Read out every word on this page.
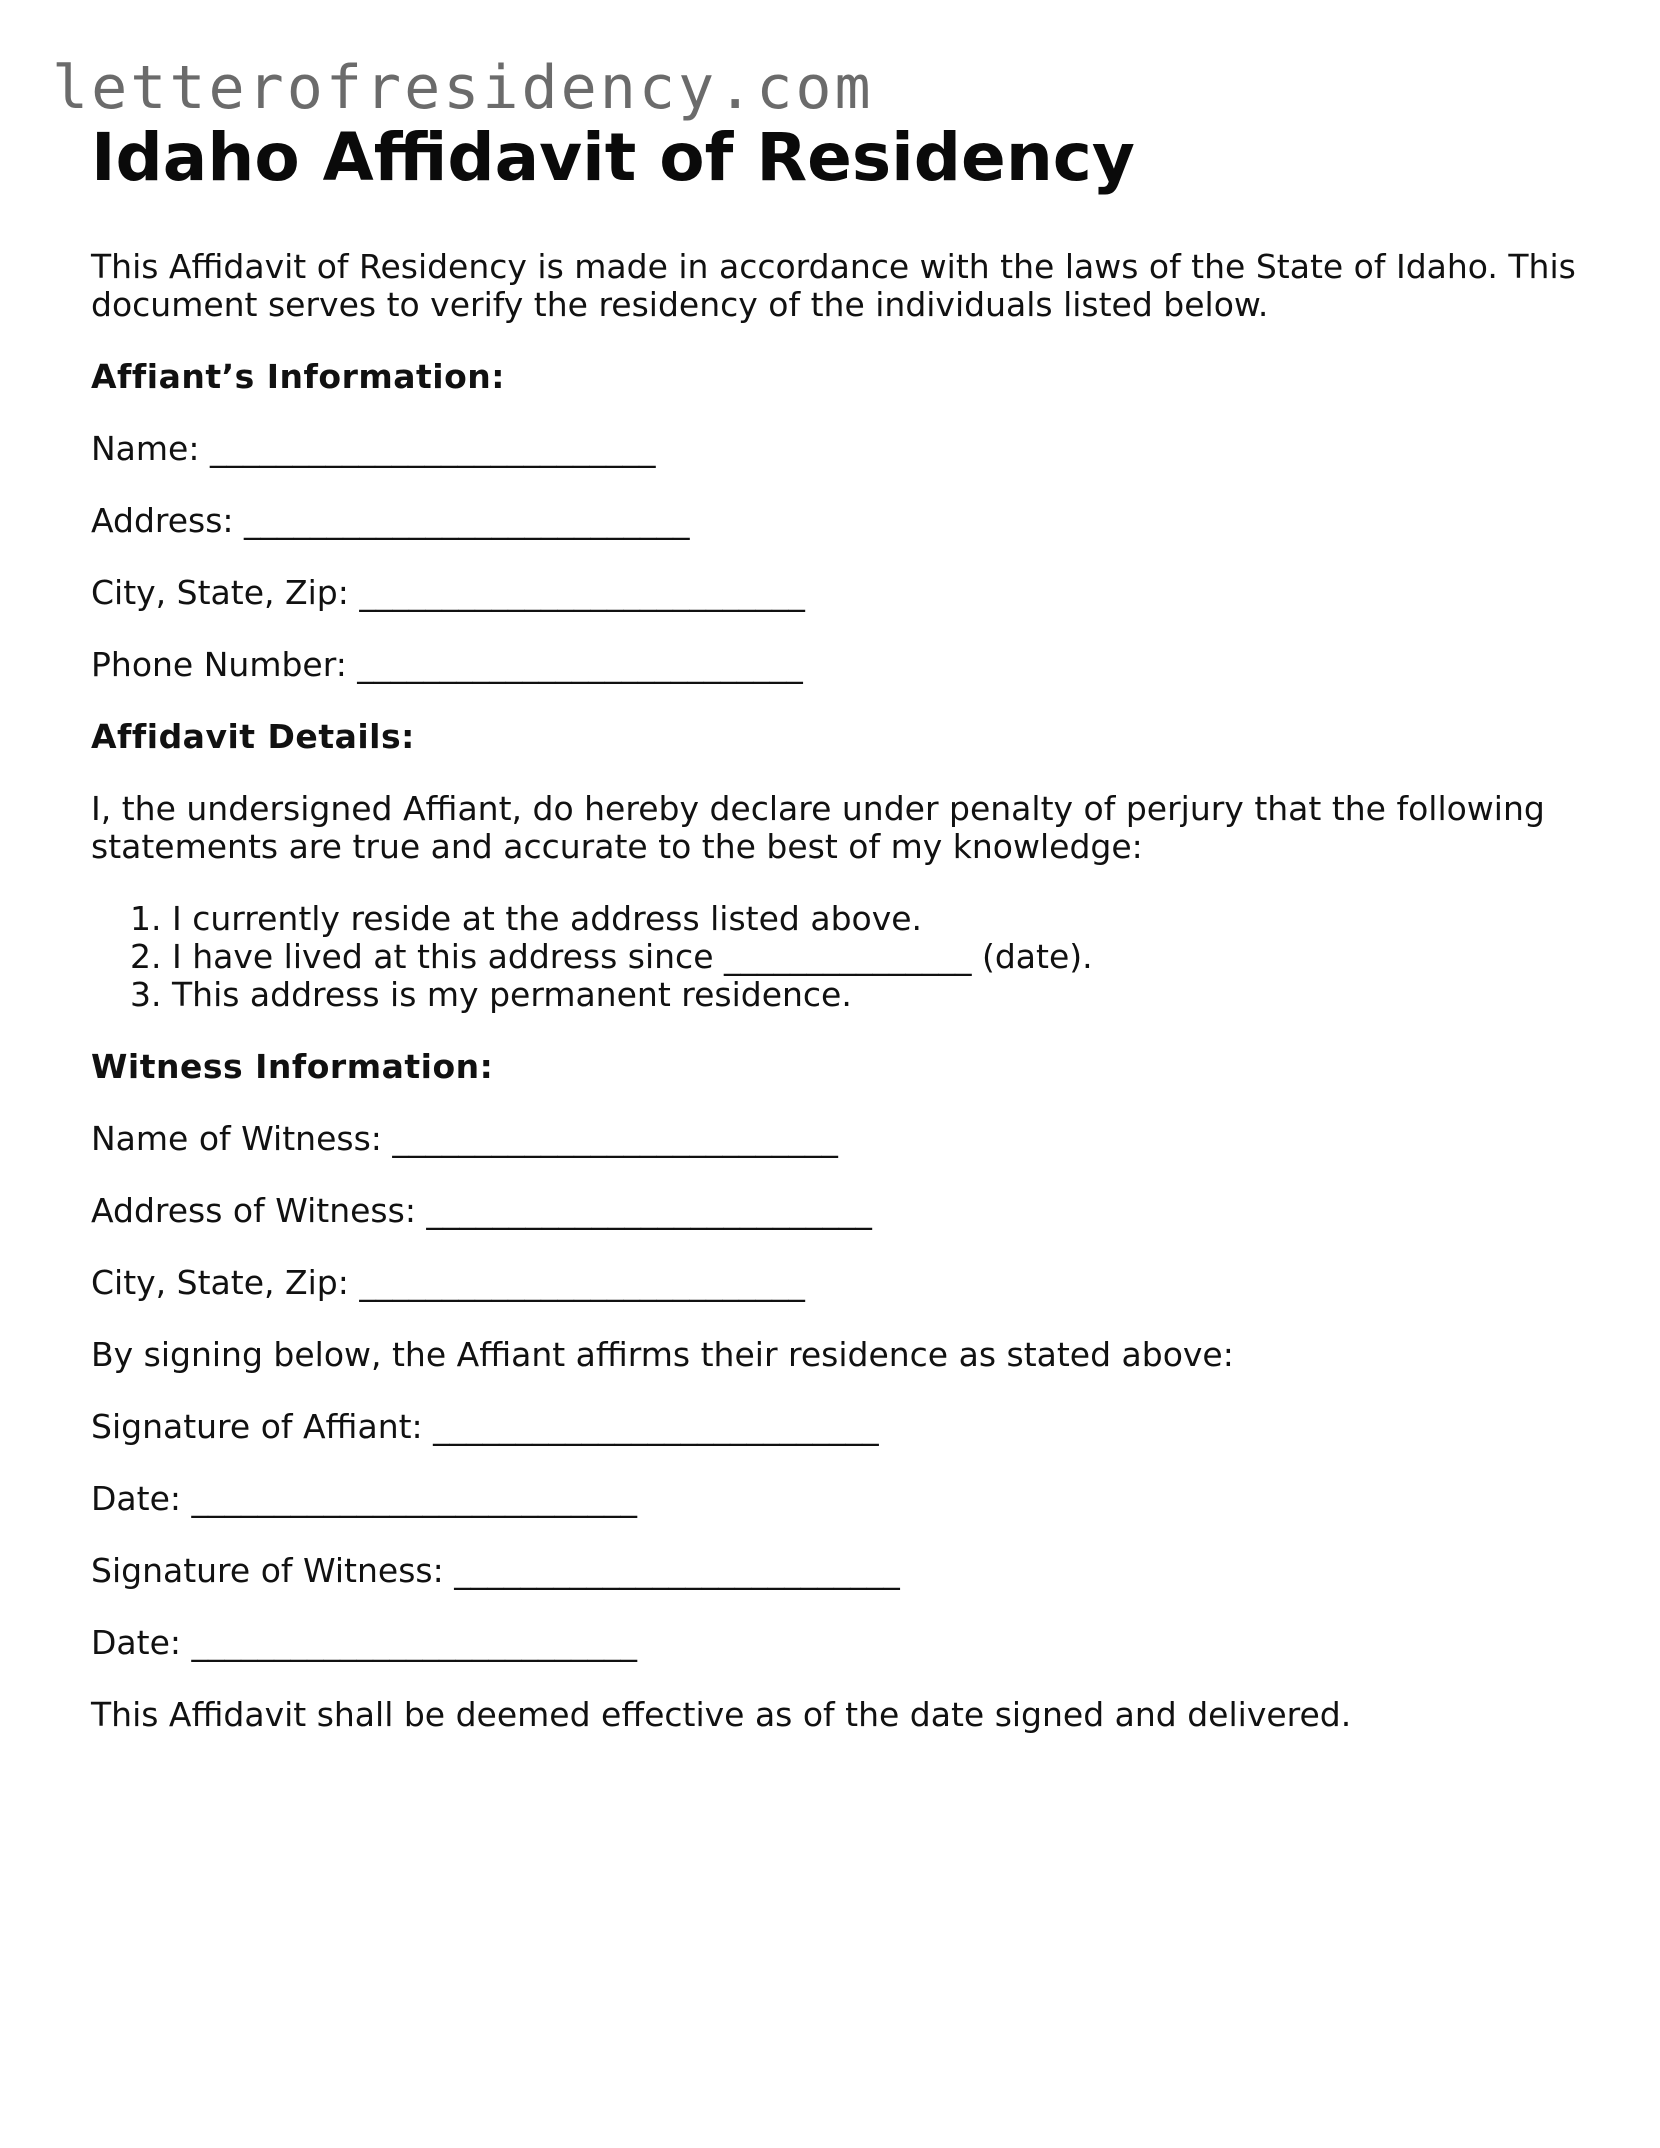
letterofresidency.com
Idaho Affidavit of Residency

This Affidavit of Residency is made in accordance with the laws of the State of Idaho. This document serves to verify the residency of the individuals listed below.

Affiant’s Information:

Name: ___________________________

Address: ___________________________

City, State, Zip: ___________________________

Phone Number: ___________________________

Affidavit Details:

I, the undersigned Affiant, do hereby declare under penalty of perjury that the following statements are true and accurate to the best of my knowledge:

1. I currently reside at the address listed above.
2. I have lived at this address since _______________ (date).
3. This address is my permanent residence.

Witness Information:

Name of Witness: ___________________________

Address of Witness: ___________________________

City, State, Zip: ___________________________

By signing below, the Affiant affirms their residence as stated above:

Signature of Affiant: ___________________________

Date: ___________________________

Signature of Witness: ___________________________

Date: ___________________________

This Affidavit shall be deemed effective as of the date signed and delivered.
